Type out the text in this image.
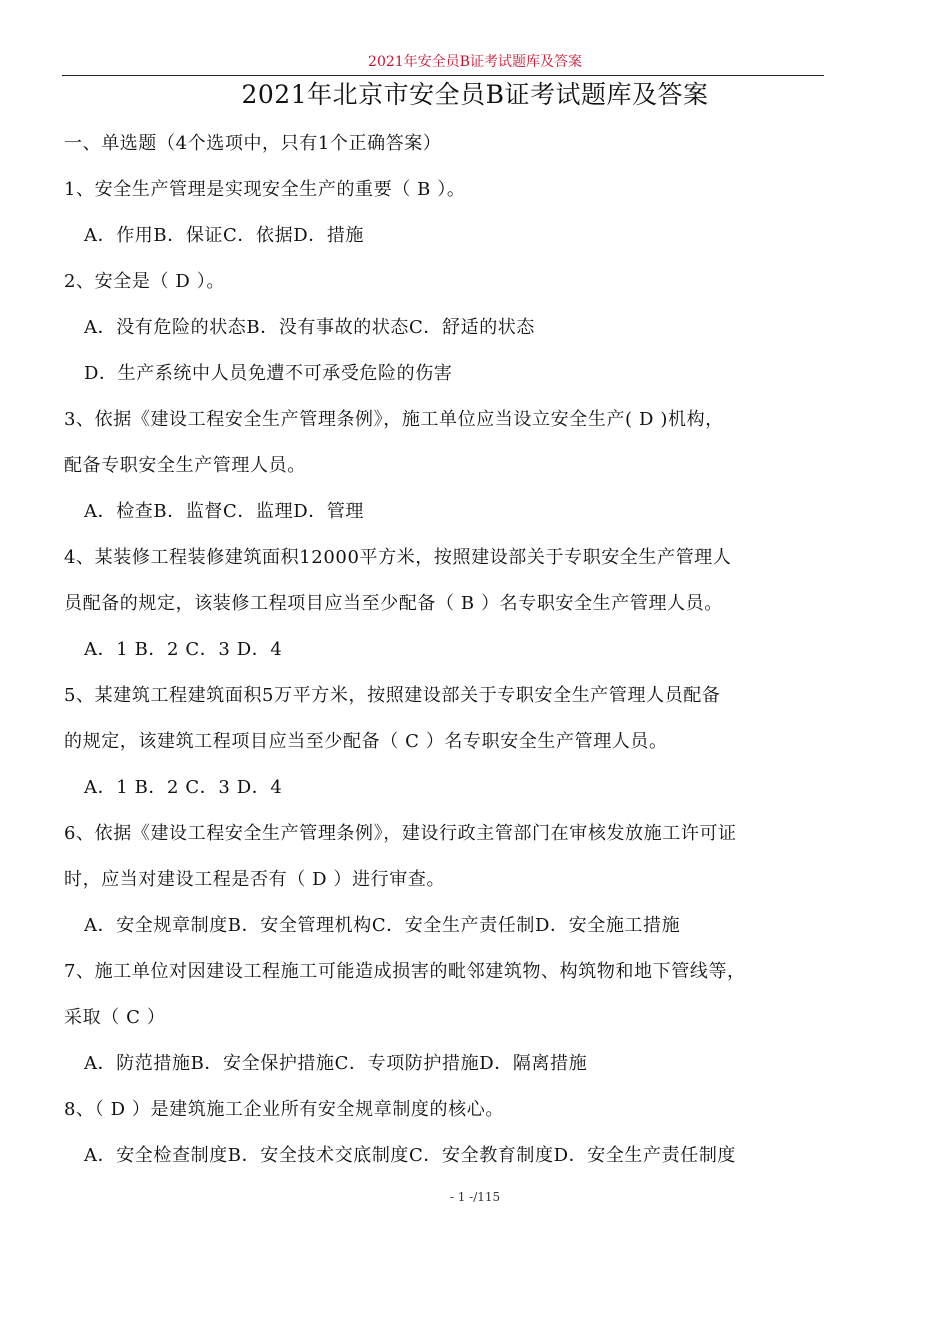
2021年安全员B证考试题库及答案
2021年北京市安全员B证考试题库及答案
一、单选题（4个选项中，只有1个正确答案）
1、安全生产管理是实现安全生产的重要（ B ）。
A．作用B．保证C．依据D．措施
2、安全是（ D ）。
A．没有危险的状态B．没有事故的状态C．舒适的状态
D．生产系统中人员免遭不可承受危险的伤害
3、依据《建设工程安全生产管理条例》，施工单位应当设立安全生产( D )机构，
配备专职安全生产管理人员。
A．检查B．监督C．监理D．管理
4、某装修工程装修建筑面积12000平方米，按照建设部关于专职安全生产管理人
员配备的规定，该装修工程项目应当至少配备（ B ）名专职安全生产管理人员。
A．1 B．2 C．3 D．4
5、某建筑工程建筑面积5万平方米，按照建设部关于专职安全生产管理人员配备
的规定，该建筑工程项目应当至少配备（ C ）名专职安全生产管理人员。
A．1 B．2 C．3 D．4
6、依据《建设工程安全生产管理条例》，建设行政主管部门在审核发放施工许可证
时，应当对建设工程是否有（ D ）进行审查。
A．安全规章制度B．安全管理机构C．安全生产责任制D．安全施工措施
7、施工单位对因建设工程施工可能造成损害的毗邻建筑物、构筑物和地下管线等，
采取（ C ）
A．防范措施B．安全保护措施C．专项防护措施D．隔离措施
8、（ D ）是建筑施工企业所有安全规章制度的核心。
A．安全检查制度B．安全技术交底制度C．安全教育制度D．安全生产责任制度
- 1 -/115
